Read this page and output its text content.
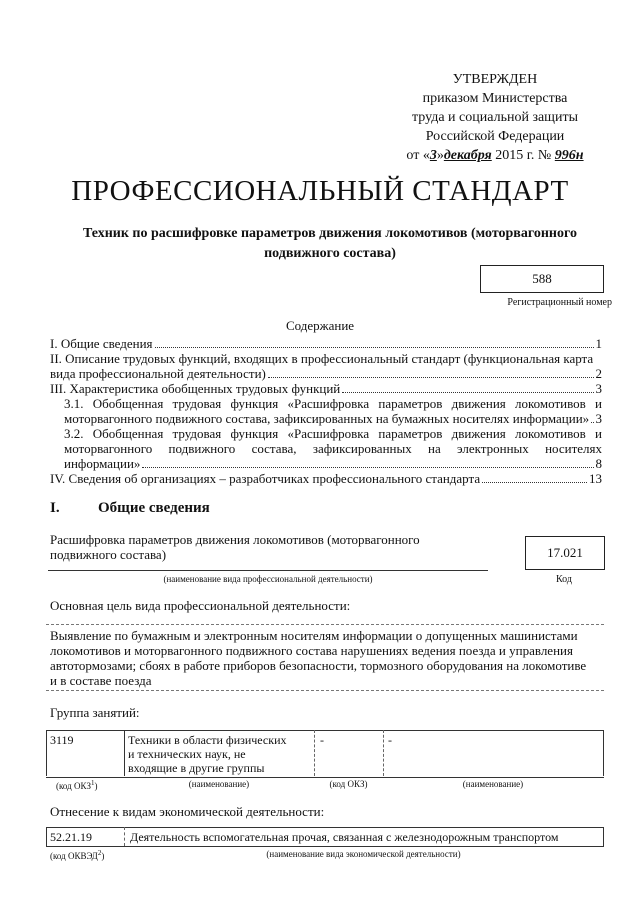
УТВЕРЖДЕН
приказом Министерства
труда и социальной защиты
Российской Федерации
от «3»декабря 2015 г. № 996н
ПРОФЕССИОНАЛЬНЫЙ СТАНДАРТ
Техник по расшифровке параметров движения локомотивов (моторвагонного
подвижного состава)
588
Регистрационный номер
Содержание
I. Общие сведения	1
II. Описание трудовых функций, входящих в профессиональный стандарт (функциональная карта
вида профессиональной деятельности)	2
III. Характеристика обобщенных трудовых функций	3
3.1. Обобщенная трудовая функция «Расшифровка параметров движения локомотивов и
моторвагонного подвижного состава, зафиксированных на бумажных носителях информации» 3
3.2. Обобщенная трудовая функция «Расшифровка параметров движения локомотивов и
моторвагонного подвижного состава, зафиксированных на электронных носителях
информации»	8
IV. Сведения об организациях – разработчиках профессионального стандарта	13
I.	Общие сведения
Расшифровка параметров движения локомотивов (моторвагонного
подвижного состава)	17.021
(наименование вида профессиональной деятельности)	Код
Основная цель вида профессиональной деятельности:
Выявление по бумажным и электронным носителям информации о допущенных машинистами
локомотивов и моторвагонного подвижного состава нарушениях ведения поезда и управления
автотормозами; сбоях в работе приборов безопасности, тормозного оборудования на локомотиве
и в составе поезда
Группа занятий:
3119	Техники в области физических
и технических наук, не
входящие в другие группы
-	-
(код ОКЗ$^1$)	(наименование)	(код ОКЗ)	(наименование)
Отнесение к видам экономической деятельности:
52.21.19	Деятельность вспомогательная прочая, связанная с железнодорожным транспортом
(код ОКВЭД$^2$)	(наименование вида экономической деятельности)
